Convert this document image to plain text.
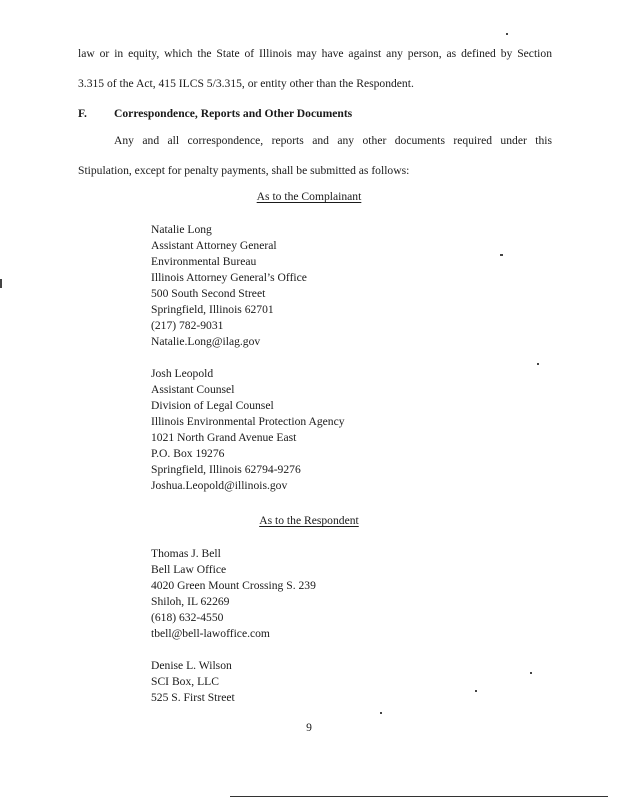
law or in equity, which the State of Illinois may have against any person, as defined by Section
3.315 of the Act, 415 ILCS 5/3.315, or entity other than the Respondent.
F. Correspondence, Reports and Other Documents
Any and all correspondence, reports and any other documents required under this
Stipulation, except for penalty payments, shall be submitted as follows:
As to the Complainant
Natalie Long
Assistant Attorney General
Environmental Bureau
Illinois Attorney General’s Office
500 South Second Street
Springfield, Illinois 62701
(217) 782-9031
Natalie.Long@ilag.gov
Josh Leopold
Assistant Counsel
Division of Legal Counsel
Illinois Environmental Protection Agency
1021 North Grand Avenue East
P.O. Box 19276
Springfield, Illinois 62794-9276
Joshua.Leopold@illinois.gov
As to the Respondent
Thomas J. Bell
Bell Law Office
4020 Green Mount Crossing S. 239
Shiloh, IL 62269
(618) 632-4550
tbell@bell-lawoffice.com
Denise L. Wilson
SCI Box, LLC
525 S. First Street
9
